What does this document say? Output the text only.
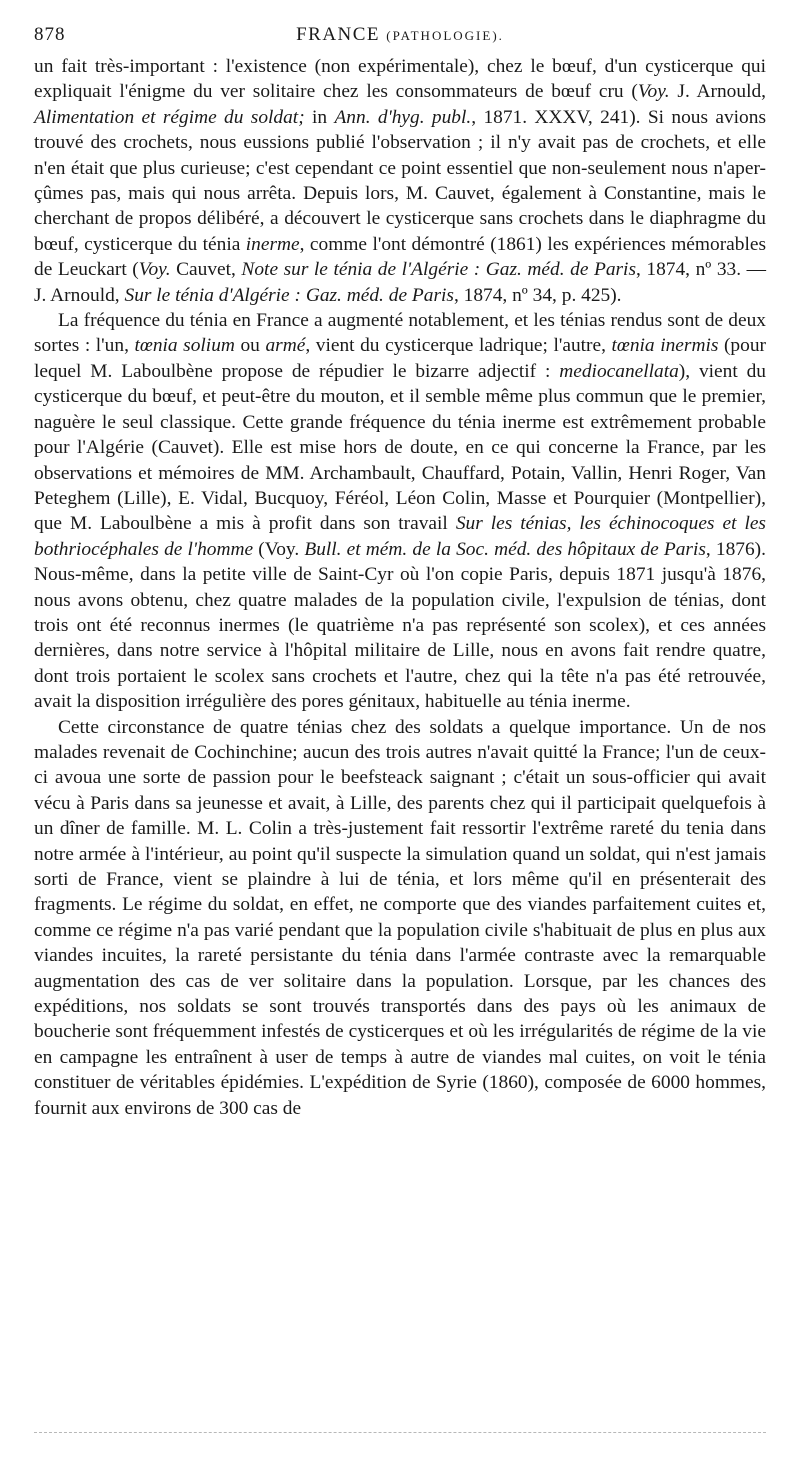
878	FRANCE (PATHOLOGIE).

un fait très-important : l'existence (non expérimentale), chez le bœuf, d'un cysticerque qui expliquait l'énigme du ver solitaire chez les consommateurs de bœuf cru (Voy. J. Arnould, Alimentation et régime du soldat; in Ann. d'hyg. publ., 1871. XXXV, 241). Si nous avions trouvé des crochets, nous eussions publié l'observation ; il n'y avait pas de crochets, et elle n'en était que plus curieuse; c'est cependant ce point essentiel que non-seulement nous n'aper-çûmes pas, mais qui nous arrêta. Depuis lors, M. Cauvet, également à Constantine, mais le cherchant de propos délibéré, a découvert le cysticerque sans crochets dans le diaphragme du bœuf, cysticerque du ténia inerme, comme l'ont démontré (1861) les expériences mémorables de Leuckart (Voy. Cauvet, Note sur le ténia de l'Algérie : Gaz. méd. de Paris, 1874, nº 33. — J. Arnould, Sur le ténia d'Algérie : Gaz. méd. de Paris, 1874, nº 34, p. 425).

La fréquence du ténia en France a augmenté notablement, et les ténias rendus sont de deux sortes : l'un, tœnia solium ou armé, vient du cysticerque ladrique; l'autre, tœnia inermis (pour lequel M. Laboulbène propose de répudier le bizarre adjectif : mediocanellata), vient du cysticerque du bœuf, et peut-être du mouton, et il semble même plus commun que le premier, naguère le seul classique. Cette grande fréquence du ténia inerme est extrêmement probable pour l'Algérie (Cauvet). Elle est mise hors de doute, en ce qui concerne la France, par les observations et mémoires de MM. Archambault, Chauffard, Potain, Vallin, Henri Roger, Van Peteghem (Lille), E. Vidal, Bucquoy, Féréol, Léon Colin, Masse et Pourquier (Montpellier), que M. Laboulbène a mis à profit dans son travail Sur les ténias, les échinocoques et les bothriocéphales de l'homme (Voy. Bull. et mém. de la Soc. méd. des hôpitaux de Paris, 1876). Nous-même, dans la petite ville de Saint-Cyr où l'on copie Paris, depuis 1871 jusqu'à 1876, nous avons obtenu, chez quatre malades de la population civile, l'expulsion de ténias, dont trois ont été reconnus inermes (le quatrième n'a pas représenté son scolex), et ces années dernières, dans notre service à l'hôpital militaire de Lille, nous en avons fait rendre quatre, dont trois portaient le scolex sans crochets et l'autre, chez qui la tête n'a pas été retrouvée, avait la disposition irrégulière des pores génitaux, habituelle au ténia inerme.

Cette circonstance de quatre ténias chez des soldats a quelque importance. Un de nos malades revenait de Cochinchine; aucun des trois autres n'avait quitté la France; l'un de ceux-ci avoua une sorte de passion pour le beefsteack saignant ; c'était un sous-officier qui avait vécu à Paris dans sa jeunesse et avait, à Lille, des parents chez qui il participait quelquefois à un dîner de famille. M. L. Colin a très-justement fait ressortir l'extrême rareté du tenia dans notre armée à l'intérieur, au point qu'il suspecte la simulation quand un soldat, qui n'est jamais sorti de France, vient se plaindre à lui de ténia, et lors même qu'il en présenterait des fragments. Le régime du soldat, en effet, ne comporte que des viandes parfaitement cuites et, comme ce régime n'a pas varié pendant que la population civile s'habituait de plus en plus aux viandes incuites, la rareté persistante du ténia dans l'armée contraste avec la remarquable augmentation des cas de ver solitaire dans la population. Lorsque, par les chances des expéditions, nos soldats se sont trouvés transportés dans des pays où les animaux de boucherie sont fréquemment infestés de cysticerques et où les irrégularités de régime de la vie en campagne les entraînent à user de temps à autre de viandes mal cuites, on voit le ténia constituer de véritables épidémies. L'expédition de Syrie (1860), composée de 6000 hommes, fournit aux environs de 300 cas de
